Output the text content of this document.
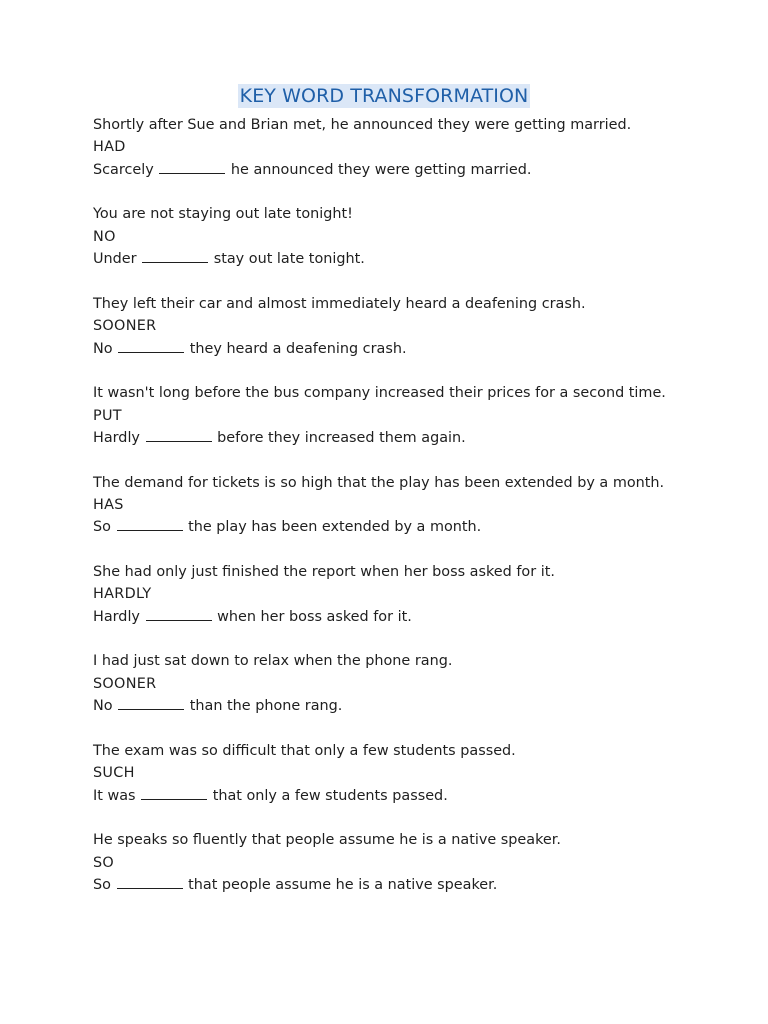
KEY WORD TRANSFORMATION
Shortly after Sue and Brian met, he announced they were getting married.
HAD
Scarcely	he announced they were getting married.
You are not staying out late tonight!
NO
Under	stay out late tonight.
They left their car and almost immediately heard a deafening crash.
SOONER
No	they heard a deafening crash.
It wasn't long before the bus company increased their prices for a second time.
PUT
Hardly	before they increased them again.
The demand for tickets is so high that the play has been extended by a month.
HAS
So	the play has been extended by a month.
She had only just finished the report when her boss asked for it.
HARDLY
Hardly	when her boss asked for it.
I had just sat down to relax when the phone rang.
SOONER
No	than the phone rang.
The exam was so difficult that only a few students passed.
SUCH
It was	that only a few students passed.
He speaks so fluently that people assume he is a native speaker.
SO
So	that people assume he is a native speaker.
